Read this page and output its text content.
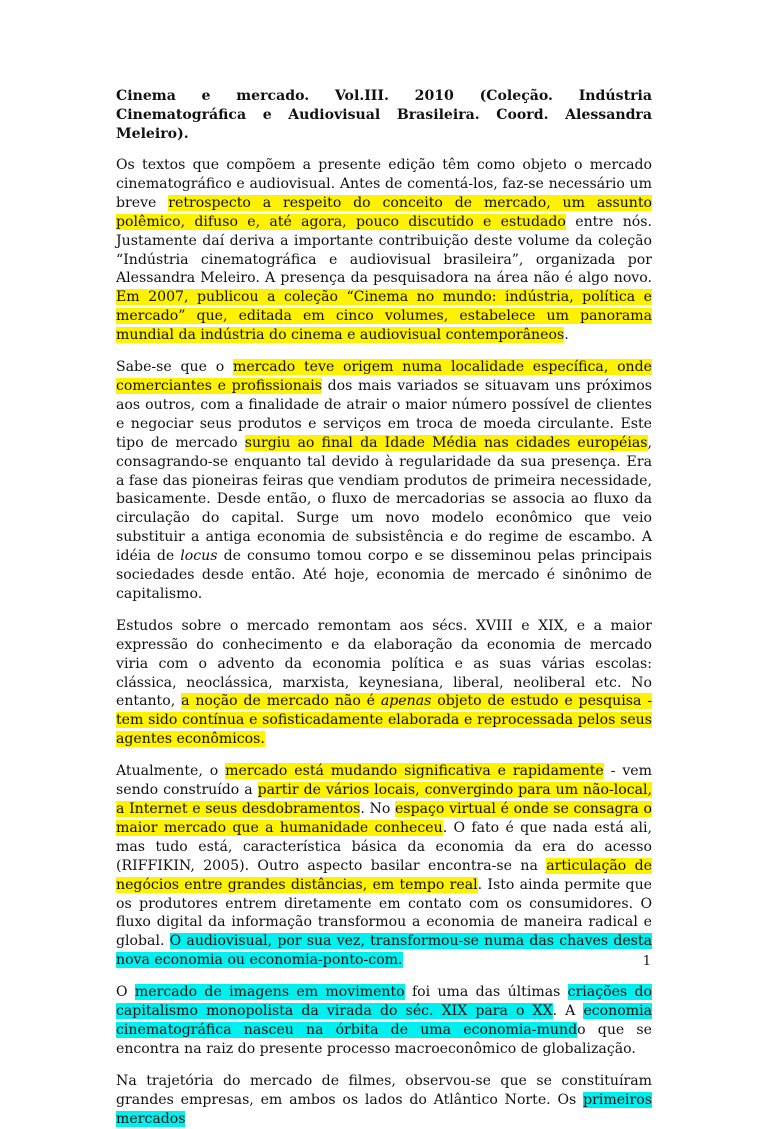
Cinema e mercado. Vol.III. 2010 (Coleção. Indústria Cinematográfica e Audiovisual Brasileira. Coord. Alessandra Meleiro).

Os textos que compõem a presente edição têm como objeto o mercado cinematográfico e audiovisual. Antes de comentá-los, faz-se necessário um breve retrospecto a respeito do conceito de mercado, um assunto polêmico, difuso e, até agora, pouco discutido e estudado entre nós. Justamente daí deriva a importante contribuição deste volume da coleção “Indústria cinematográfica e audiovisual brasileira”, organizada por Alessandra Meleiro. A presença da pesquisadora na área não é algo novo. Em 2007, publicou a coleção “Cinema no mundo: indústria, política e mercado” que, editada em cinco volumes, estabelece um panorama mundial da indústria do cinema e audiovisual contemporâneos.

Sabe-se que o mercado teve origem numa localidade específica, onde comerciantes e profissionais dos mais variados se situavam uns próximos aos outros, com a finalidade de atrair o maior número possível de clientes e negociar seus produtos e serviços em troca de moeda circulante. Este tipo de mercado surgiu ao final da Idade Média nas cidades européias, consagrando-se enquanto tal devido à regularidade da sua presença. Era a fase das pioneiras feiras que vendiam produtos de primeira necessidade, basicamente. Desde então, o fluxo de mercadorias se associa ao fluxo da circulação do capital. Surge um novo modelo econômico que veio substituir a antiga economia de subsistência e do regime de escambo. A idéia de locus de consumo tomou corpo e se disseminou pelas principais sociedades desde então. Até hoje, economia de mercado é sinônimo de capitalismo.

Estudos sobre o mercado remontam aos sécs. XVIII e XIX, e a maior expressão do conhecimento e da elaboração da economia de mercado viria com o advento da economia política e as suas várias escolas: clássica, neoclássica, marxista, keynesiana, liberal, neoliberal etc. No entanto, a noção de mercado não é apenas objeto de estudo e pesquisa - tem sido contínua e sofisticadamente elaborada e reprocessada pelos seus agentes econômicos.

Atualmente, o mercado está mudando significativa e rapidamente - vem sendo construído a partir de vários locais, convergindo para um não-local, a Internet e seus desdobramentos. No espaço virtual é onde se consagra o maior mercado que a humanidade conheceu. O fato é que nada está ali, mas tudo está, característica básica da economia da era do acesso (RIFFIKIN, 2005). Outro aspecto basilar encontra-se na articulação de negócios entre grandes distâncias, em tempo real. Isto ainda permite que os produtores entrem diretamente em contato com os consumidores. O fluxo digital da informação transformou a economia de maneira radical e global. O audiovisual, por sua vez, transformou-se numa das chaves desta nova economia ou economia-ponto-com.

O mercado de imagens em movimento foi uma das últimas criações do capitalismo monopolista da virada do séc. XIX para o XX. A economia cinematográfica nasceu na órbita de uma economia-mundo que se encontra na raiz do presente processo macroeconômico de globalização.

Na trajetória do mercado de filmes, observou-se que se constituíram grandes empresas, em ambos os lados do Atlântico Norte. Os primeiros mercados

1
